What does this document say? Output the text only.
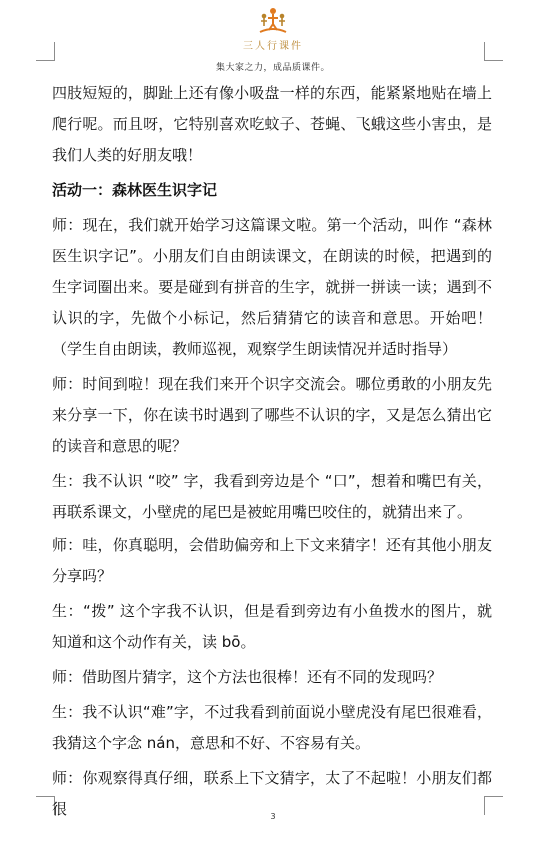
三人行课件
集大家之力，成品质课件。

四肢短短的，脚趾上还有像小吸盘一样的东西，能紧紧地贴在墙上爬行呢。而且呀，它特别喜欢吃蚊子、苍蝇、飞蛾这些小害虫，是我们人类的好朋友哦！

活动一：森林医生识字记

师：现在，我们就开始学习这篇课文啦。第一个活动，叫作 “森林医生识字记”。小朋友们自由朗读课文，在朗读的时候，把遇到的生字词圈出来。要是碰到有拼音的生字，就拼一拼读一读；遇到不认识的字，先做个小标记，然后猜猜它的读音和意思。开始吧！（学生自由朗读，教师巡视，观察学生朗读情况并适时指导）

师：时间到啦！现在我们来开个识字交流会。哪位勇敢的小朋友先来分享一下，你在读书时遇到了哪些不认识的字，又是怎么猜出它的读音和意思的呢？

生：我不认识 “咬” 字，我看到旁边是个 “口”，想着和嘴巴有关，再联系课文，小壁虎的尾巴是被蛇用嘴巴咬住的，就猜出来了。

师：哇，你真聪明，会借助偏旁和上下文来猜字！还有其他小朋友分享吗？

生：“拨” 这个字我不认识，但是看到旁边有小鱼拨水的图片，就知道和这个动作有关，读 bō。

师：借助图片猜字，这个方法也很棒！还有不同的发现吗？

生：我不认识“难”字，不过我看到前面说小壁虎没有尾巴很难看，我猜这个字念 nán，意思和不好、不容易有关。

师：你观察得真仔细，联系上下文猜字，太了不起啦！小朋友们都很	3
